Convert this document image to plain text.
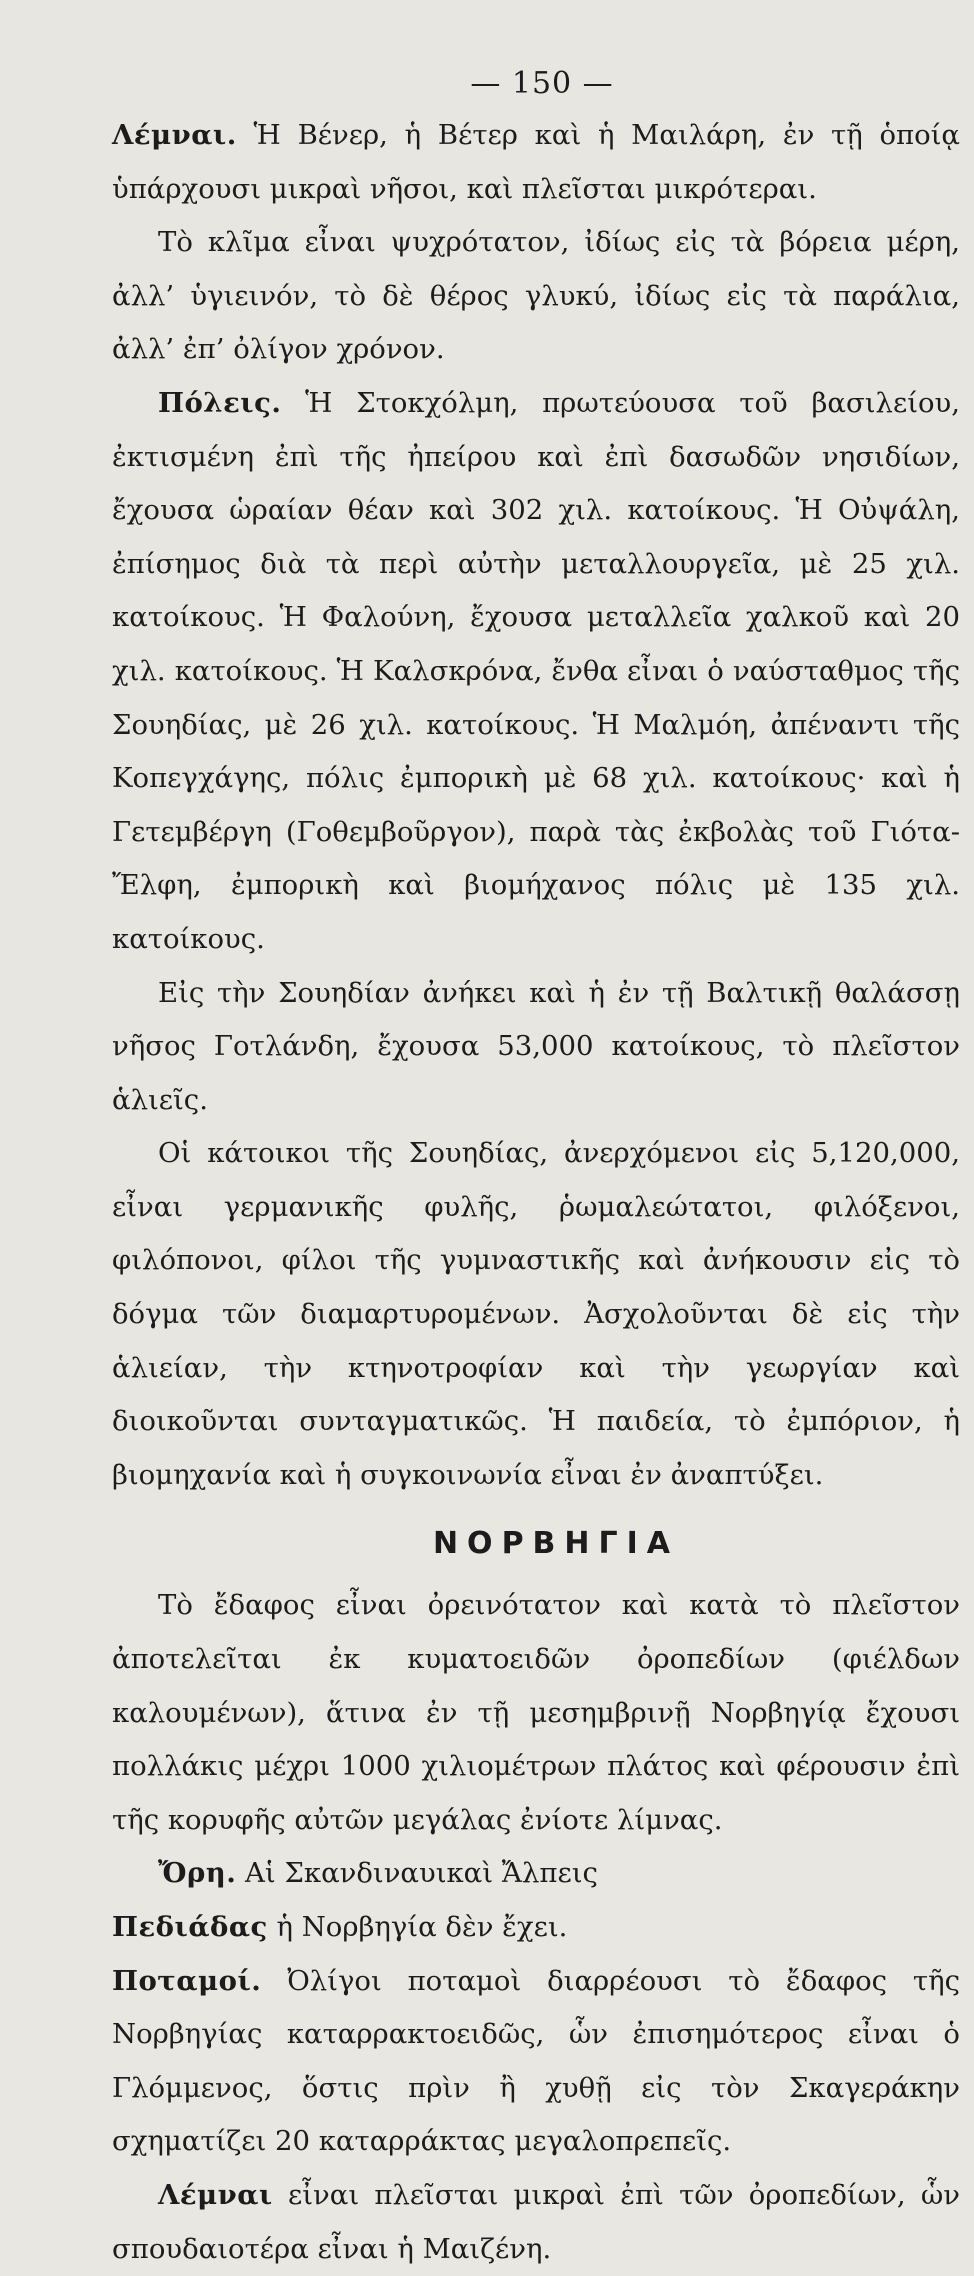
— 150 —

Λέμναι. Ἡ Βένερ, ἡ Βέτερ καὶ ἡ Μαιλάρη, ἐν τῇ ὁποίᾳ ὑπάρχουσι μικραὶ νῆσοι, καὶ πλεῖσται μικρότεραι.

Τὸ κλῖμα εἶναι ψυχρότατον, ἰδίως εἰς τὰ βόρεια μέρη, ἀλλ’ ὑγιεινόν, τὸ δὲ θέρος γλυκύ, ἰδίως εἰς τὰ παράλια, ἀλλ’ ἐπ’ ὀλίγον χρόνον.

Πόλεις. Ἡ Στοκχόλμη, πρωτεύουσα τοῦ βασιλείου, ἐκτισμένη ἐπὶ τῆς ἠπείρου καὶ ἐπὶ δασωδῶν νησιδίων, ἔχουσα ὡραίαν θέαν καὶ 302 χιλ. κατοίκους. Ἡ Οὐψάλη, ἐπίσημος διὰ τὰ περὶ αὐτὴν μεταλλουργεῖα, μὲ 25 χιλ. κατοίκους. Ἡ Φαλούνη, ἔχουσα μεταλλεῖα χαλκοῦ καὶ 20 χιλ. κατοίκους. Ἡ Καλσκρόνα, ἔνθα εἶναι ὁ ναύσταθμος τῆς Σουηδίας, μὲ 26 χιλ. κατοίκους. Ἡ Μαλμόη, ἀπέναντι τῆς Κοπεγχάγης, πόλις ἐμπορικὴ μὲ 68 χιλ. κατοίκους· καὶ ἡ Γετεμβέργη (Γοθεμβοῦργον), παρὰ τὰς ἐκβολὰς τοῦ Γιότα-Ἔλφη, ἐμπορικὴ καὶ βιομήχανος πόλις μὲ 135 χιλ. κατοίκους.

Εἰς τὴν Σουηδίαν ἀνήκει καὶ ἡ ἐν τῇ Βαλτικῇ θαλάσσῃ νῆσος Γοτλάνδη, ἔχουσα 53,000 κατοίκους, τὸ πλεῖστον ἁλιεῖς.

Οἱ κάτοικοι τῆς Σουηδίας, ἀνερχόμενοι εἰς 5,120,000, εἶναι γερμανικῆς φυλῆς, ῥωμαλεώτατοι, φιλόξενοι, φιλόπονοι, φίλοι τῆς γυμναστικῆς καὶ ἀνήκουσιν εἰς τὸ δόγμα τῶν διαμαρτυρομένων. Ἀσχολοῦνται δὲ εἰς τὴν ἁλιείαν, τὴν κτηνοτροφίαν καὶ τὴν γεωργίαν καὶ διοικοῦνται συνταγματικῶς. Ἡ παιδεία, τὸ ἐμπόριον, ἡ βιομηχανία καὶ ἡ συγκοινωνία εἶναι ἐν ἀναπτύξει.

ΝΟΡΒΗΓΙΑ

Τὸ ἔδαφος εἶναι ὀρεινότατον καὶ κατὰ τὸ πλεῖστον ἀποτελεῖται ἐκ κυματοειδῶν ὀροπεδίων (φιέλδων καλουμένων), ἅτινα ἐν τῇ μεσημβρινῇ Νορβηγίᾳ ἔχουσι πολλάκις μέχρι 1000 χιλιομέτρων πλάτος καὶ φέρουσιν ἐπὶ τῆς κορυφῆς αὐτῶν μεγάλας ἐνίοτε λίμνας.

Ὄρη. Αἱ Σκανδιναυικαὶ Ἄλπεις

Πεδιάδας ἡ Νορβηγία δὲν ἔχει.

Ποταμοί. Ὀλίγοι ποταμοὶ διαρρέουσι τὸ ἔδαφος τῆς Νορβηγίας καταρρακτοειδῶς, ὧν ἐπισημότερος εἶναι ὁ Γλόμμενος, ὅστις πρὶν ἢ χυθῇ εἰς τὸν Σκαγεράκην σχηματίζει 20 καταρράκτας μεγαλοπρεπεῖς.

Λέμναι εἶναι πλεῖσται μικραὶ ἐπὶ τῶν ὀροπεδίων, ὧν σπουδαιοτέρα εἶναι ἡ Μαιζένη.
